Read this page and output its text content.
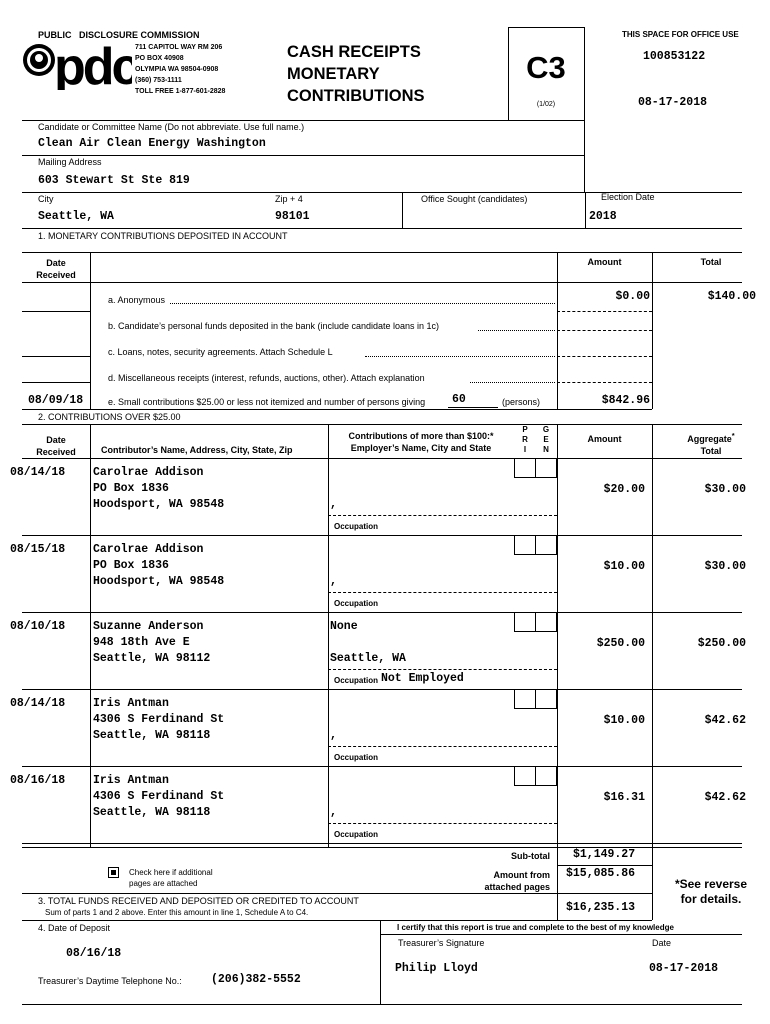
PUBLIC   DISCLOSURE COMMISSION
pdc
711 CAPITOL WAY RM 206
PO BOX 40908
OLYMPIA WA 98504-0908
(360) 753-1111
TOLL FREE 1-877-601-2828
CASH RECEIPTS
MONETARY
CONTRIBUTIONS
C3
(1/02)
THIS SPACE FOR OFFICE USE
100853122
08-17-2018
Candidate or Committee Name (Do not abbreviate. Use full name.)
Clean Air Clean Energy Washington
Mailing Address
603 Stewart St Ste 819
City	Zip + 4	Office Sought (candidates)	Election Date
Seattle, WA	98101	2018
1. MONETARY CONTRIBUTIONS DEPOSITED IN ACCOUNT
Date
Received
Amount	Total
a. Anonymous	$0.00	$140.00
b. Candidate’s personal funds deposited in the bank (include candidate loans in 1c)
c. Loans, notes, security agreements. Attach Schedule L
d. Miscellaneous receipts (interest, refunds, auctions, other). Attach explanation
08/09/18	e. Small contributions $25.00 or less not itemized and number of persons giving 60	(persons)	$842.96
2. CONTRIBUTIONS OVER $25.00
Date
Received	Contributor’s Name, Address, City, State, Zip
Contributions of more than $100:*
Employer’s Name, City and State
P
R
I
G
E
N
Amount	Aggregate*
Total
08/14/18 Carolrae Addison
PO Box 1836
Hoodsport, WA 98548	,
$20.00	$30.00
Occupation
08/15/18 Carolrae Addison
PO Box 1836
Hoodsport, WA 98548	,
$10.00	$30.00
Occupation
08/10/18 Suzanne Anderson
948 18th Ave E
Seattle, WA 98112
None
Seattle, WA
$250.00	$250.00
Occupation Not Employed
08/14/18 Iris Antman
4306 S Ferdinand St
Seattle, WA 98118	,
$10.00	$42.62
Occupation
08/16/18 Iris Antman
4306 S Ferdinand St
Seattle, WA 98118	,
$16.31	$42.62
Occupation
Check here if additional
pages are attached
Sub-total $1,149.27
Amount from
attached pages
$15,085.86
*See reverse
for details.
3. TOTAL FUNDS RECEIVED AND DEPOSITED OR CREDITED TO ACCOUNT
Sum of parts 1 and 2 above. Enter this amount in line 1, Schedule A to C4.	$16,235.13
4. Date of Deposit	I certify that this report is true and complete to the best of my knowledge
Treasurer’s Signature	Date
08/16/18
Philip Lloyd	08-17-2018
Treasurer’s Daytime Telephone No.:	(206)382-5552
